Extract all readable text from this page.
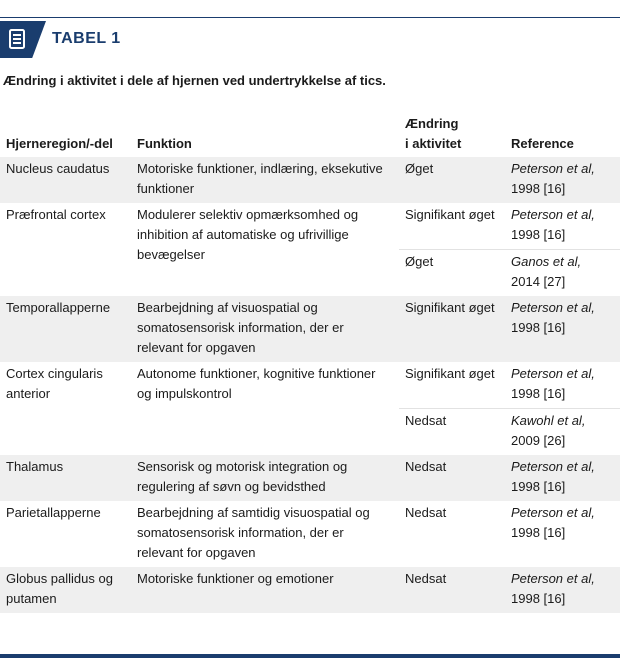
TABEL 1
Ændring i aktivitet i dele af hjernen ved undertrykkelse af tics.
Hjerneregion/-del	Funktion	Ændring
i aktivitet	Reference
Nucleus caudatus	Motoriske funktioner, indlæring, eksekutive funktioner	Øget	Peterson et al,
1998 [16]
Præfrontal cortex	Modulerer selektiv opmærksomhed og inhibition af automatiske og ufrivillige bevægelser	Signifikant øget	Peterson et al,
1998 [16]
		Øget	Ganos et al,
2014 [27]
Temporallapperne	Bearbejdning af visuospatial og somatosensorisk information, der er relevant for opgaven	Signifikant øget	Peterson et al,
1998 [16]
Cortex cingularis anterior	Autonome funktioner, kognitive funktioner og impulskontrol	Signifikant øget	Peterson et al,
1998 [16]
		Nedsat	Kawohl et al,
2009 [26]
Thalamus	Sensorisk og motorisk integration og regulering af søvn og bevidsthed	Nedsat	Peterson et al,
1998 [16]
Parietallapperne	Bearbejdning af samtidig visuospatial og somatosensorisk information, der er relevant for opgaven	Nedsat	Peterson et al,
1998 [16]
Globus pallidus og putamen	Motoriske funktioner og emotioner	Nedsat	Peterson et al,
1998 [16]
